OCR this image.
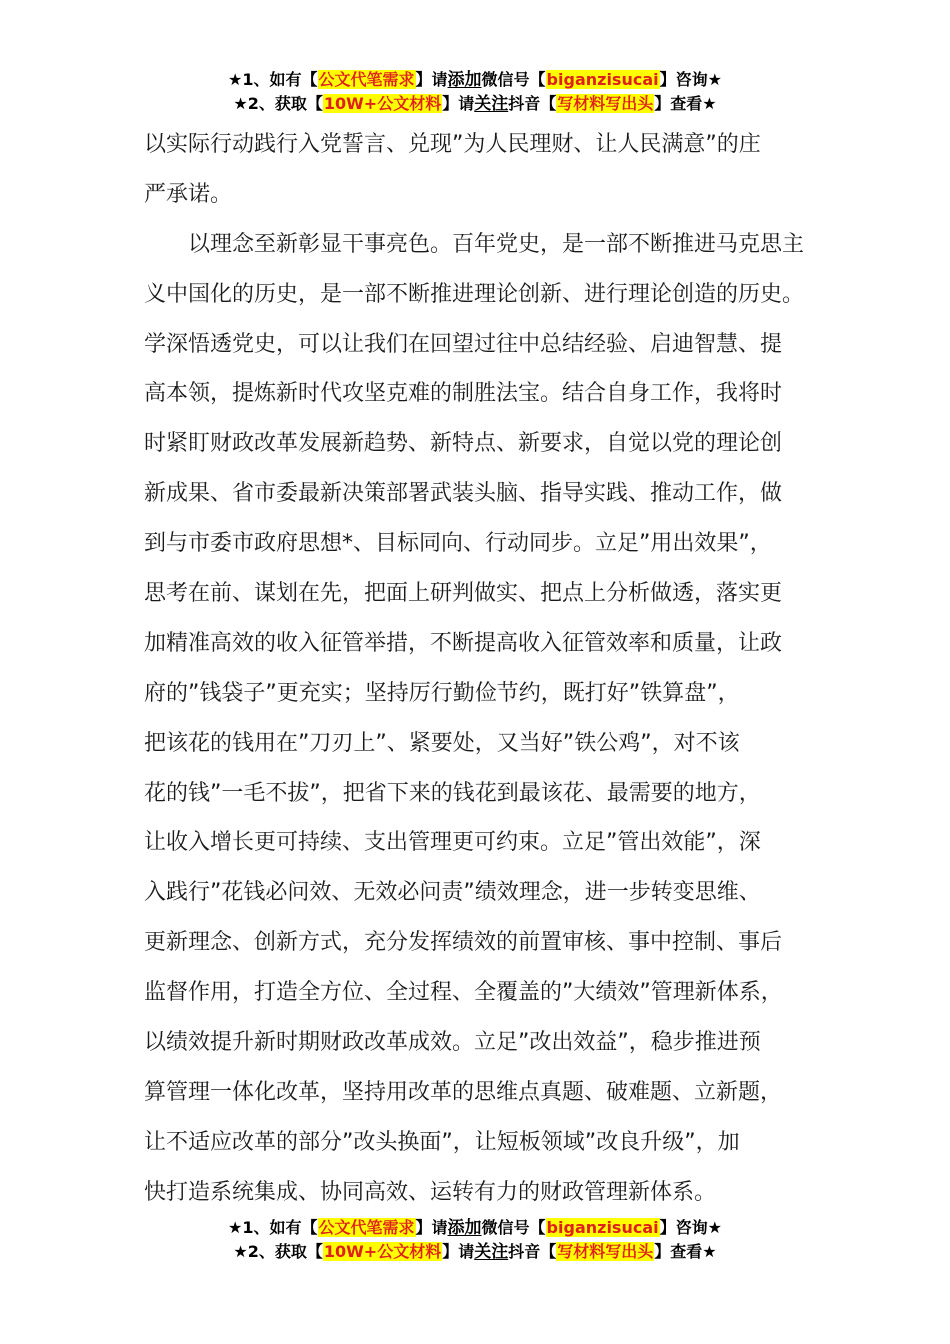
★1、如有【公文代笔需求】请添加微信号【biganzisucai】咨询★
★2、获取【10W+公文材料】请关注抖音【写材料写出头】查看★
以实际行动践行入党誓言、兑现”为人民理财、让人民满意”的庄
严承诺。
　　以理念至新彰显干事亮色。百年党史，是一部不断推进马克思主
义中国化的历史，是一部不断推进理论创新、进行理论创造的历史。
学深悟透党史，可以让我们在回望过往中总结经验、启迪智慧、提
高本领，提炼新时代攻坚克难的制胜法宝。结合自身工作，我将时
时紧盯财政改革发展新趋势、新特点、新要求，自觉以党的理论创
新成果、省市委最新决策部署武装头脑、指导实践、推动工作，做
到与市委市政府思想*、目标同向、行动同步。立足”用出效果”，
思考在前、谋划在先，把面上研判做实、把点上分析做透，落实更
加精准高效的收入征管举措，不断提高收入征管效率和质量，让政
府的”钱袋子”更充实；坚持厉行勤俭节约，既打好”铁算盘”，
把该花的钱用在”刀刃上”、紧要处，又当好”铁公鸡”，对不该
花的钱”一毛不拔”，把省下来的钱花到最该花、最需要的地方，
让收入增长更可持续、支出管理更可约束。立足”管出效能”，深
入践行”花钱必问效、无效必问责”绩效理念，进一步转变思维、
更新理念、创新方式，充分发挥绩效的前置审核、事中控制、事后
监督作用，打造全方位、全过程、全覆盖的”大绩效”管理新体系，
以绩效提升新时期财政改革成效。立足”改出效益”，稳步推进预
算管理一体化改革，坚持用改革的思维点真题、破难题、立新题，
让不适应改革的部分”改头换面”，让短板领域”改良升级”，加
快打造系统集成、协同高效、运转有力的财政管理新体系。
★1、如有【公文代笔需求】请添加微信号【biganzisucai】咨询★
★2、获取【10W+公文材料】请关注抖音【写材料写出头】查看★
